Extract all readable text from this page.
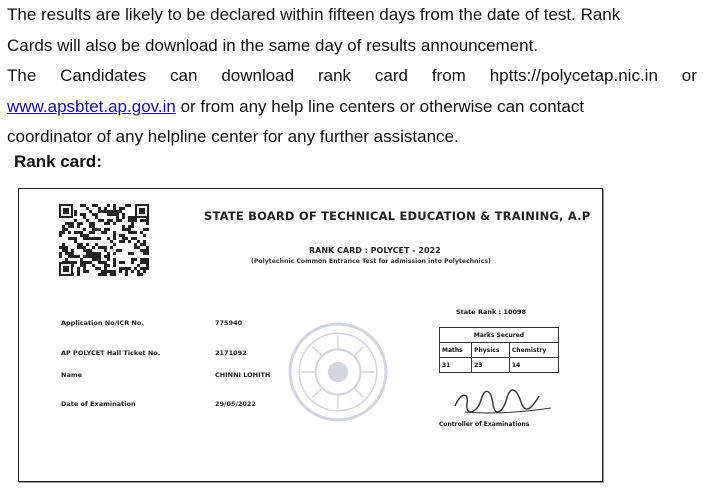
The results are likely to be declared within fifteen days from the date of test. Rank
Cards will also be download in the same day of results announcement.

The Candidates can download rank card from hptts://polycetap.nic.in or
www.apsbtet.ap.gov.in or from any help line centers or otherwise can contact
coordinator of any helpline center for any further assistance.

Rank card:
STATE BOARD OF TECHNICAL EDUCATION & TRAINING, A.P
RANK CARD : POLYCET - 2022
(Polytechnic Common Entrance Test for admission into Polytechnics)
State Rank : 10098
Application No/ICR No.	775940
AP POLYCET Hall Ticket No.	2171092
Name	CHINNI LOHITH
Date of Examination	29/05/2022
Marks Secured		
Maths	Physics	Chemistry
31	23	14
Controller of Examinations
